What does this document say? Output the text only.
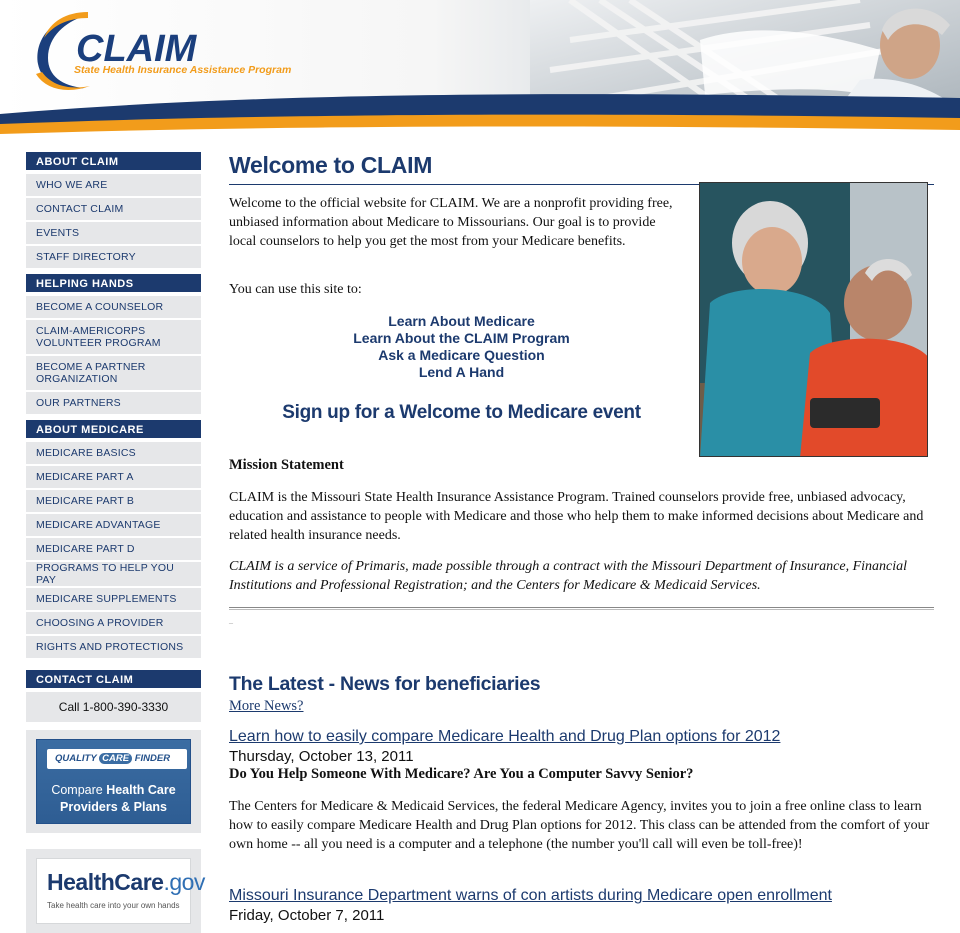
CLAIM
State Health Insurance Assistance Program
ABOUT CLAIM
WHO WE ARE
CONTACT CLAIM
EVENTS
STAFF DIRECTORY
HELPING HANDS
BECOME A COUNSELOR
CLAIM-AMERICORPS VOLUNTEER PROGRAM
BECOME A PARTNER ORGANIZATION
OUR PARTNERS
ABOUT MEDICARE
MEDICARE BASICS
MEDICARE PART A
MEDICARE PART B
MEDICARE ADVANTAGE
MEDICARE PART D
PROGRAMS TO HELP YOU PAY
MEDICARE SUPPLEMENTS
CHOOSING A PROVIDER
RIGHTS AND PROTECTIONS
CONTACT CLAIM
Call 1-800-390-3330
QUALITY CARE FINDER
Compare Health Care
Providers & Plans
HealthCare.gov
Take health care into your own hands
Welcome to CLAIM
Welcome to the official website for CLAIM. We are a nonprofit providing free, unbiased information about Medicare to Missourians. Our goal is to provide local counselors to help you get the most from your Medicare benefits.
You can use this site to:
Learn About Medicare
Learn About the CLAIM Program
Ask a Medicare Question
Lend A Hand
Sign up for a Welcome to Medicare event
Mission Statement
CLAIM is the Missouri State Health Insurance Assistance Program. Trained counselors provide free, unbiased advocacy, education and assistance to people with Medicare and those who help them to make informed decisions about Medicare and related health insurance needs.
CLAIM is a service of Primaris, made possible through a contract with the Missouri Department of Insurance, Financial Institutions and Professional Registration; and the Centers for Medicare & Medicaid Services.
_
The Latest - News for beneficiaries
More News?
Learn how to easily compare Medicare Health and Drug Plan options for 2012
Thursday, October 13, 2011
Do You Help Someone With Medicare? Are You a Computer Savvy Senior?
The Centers for Medicare & Medicaid Services, the federal Medicare Agency, invites you to join a free online class to learn how to easily compare Medicare Health and Drug Plan options for 2012. This class can be attended from the comfort of your own home -- all you need is a computer and a telephone (the number you'll call will even be toll-free)!
Missouri Insurance Department warns of con artists during Medicare open enrollment
Friday, October 7, 2011
